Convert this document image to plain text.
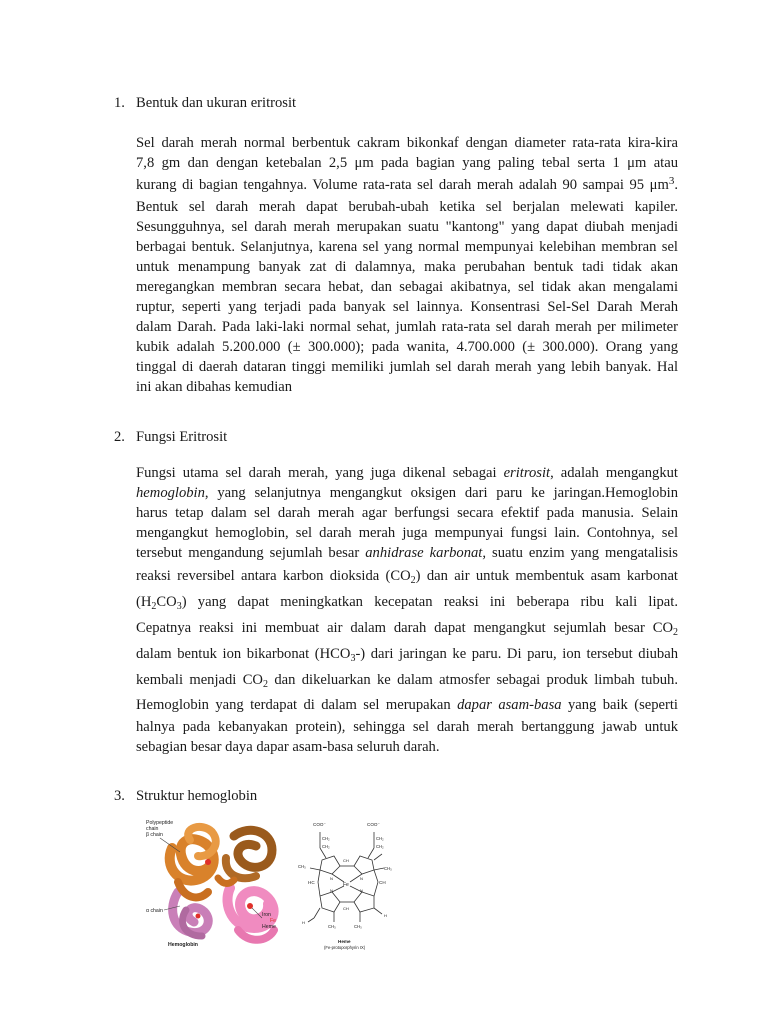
1. Bentuk dan ukuran eritrosit
Sel darah merah normal berbentuk cakram bikonkaf dengan diameter rata-rata kira-kira
7,8 gm dan dengan ketebalan 2,5 μm pada bagian yang paling tebal serta 1 μm atau
kurang di bagian tengahnya. Volume rata-rata sel darah merah adalah 90 sampai 95 $\mu m^3$.
Bentuk sel darah merah dapat berubah-ubah ketika sel berjalan melewati kapiler.
Sesungguhnya, sel darah merah merupakan suatu "kantong" yang dapat diubah menjadi
berbagai bentuk. Selanjutnya, karena sel yang normal mempunyai kelebihan membran sel
untuk menampung banyak zat di dalamnya, maka perubahan bentuk tadi tidak akan
meregangkan membran secara hebat, dan sebagai akibatnya, sel tidak akan mengalami
ruptur, seperti yang terjadi pada banyak sel lainnya. Konsentrasi Sel-Sel Darah Merah
dalam Darah. Pada laki-laki normal sehat, jumlah rata-rata sel darah merah per milimeter
kubik adalah 5.200.000 (± 300.000); pada wanita, 4.700.000 (± 300.000). Orang yang
tinggal di daerah dataran tinggi memiliki jumlah sel darah merah yang lebih banyak. Hal
ini akan dibahas kemudian
2. Fungsi Eritrosit
Fungsi utama sel darah merah, yang juga dikenal sebagai eritrosit, adalah mengangkut
hemoglobin, yang selanjutnya mengangkut oksigen dari paru ke jaringan.Hemoglobin
harus tetap dalam sel darah merah agar berfungsi secara efektif pada manusia. Selain
mengangkut hemoglobin, sel darah merah juga mempunyai fungsi lain. Contohnya, sel
tersebut mengandung sejumlah besar anhidrase karbonat, suatu enzim yang mengatalisis
reaksi reversibel antara karbon dioksida $(CO_2)$ dan air untuk membentuk asam karbonat
$(H_2CO_3)$ yang dapat meningkatkan kecepatan reaksi ini beberapa ribu kali lipat.
Cepatnya reaksi ini membuat air dalam darah dapat mengangkut sejumlah besar $CO_2$
dalam bentuk ion bikarbonat $(HCO_3-)$ dari jaringan ke paru. Di paru, ion tersebut diubah
kembali menjadi $CO_2$ dan dikeluarkan ke dalam atmosfer sebagai produk limbah tubuh.
Hemoglobin yang terdapat di dalam sel merupakan dapar asam-basa yang baik (seperti
halnya pada kebanyakan protein), sehingga sel darah merah bertanggung jawab untuk
sebagian besar daya dapar asam-basa seluruh darah.
3. Struktur hemoglobin
Polypeptide
chain
β chain
α chain
Iron
Fe
Heme
Hemoglobin
COO⁻	COO⁻
CH₂
CH₂
CH₂
CH₂
CH₃	CH₃
CH₃	CH₃
HC	CH
Fe
N	N
N	N
CH
CH
H
H
Heme
(Fe-protoporphyrin IX)
